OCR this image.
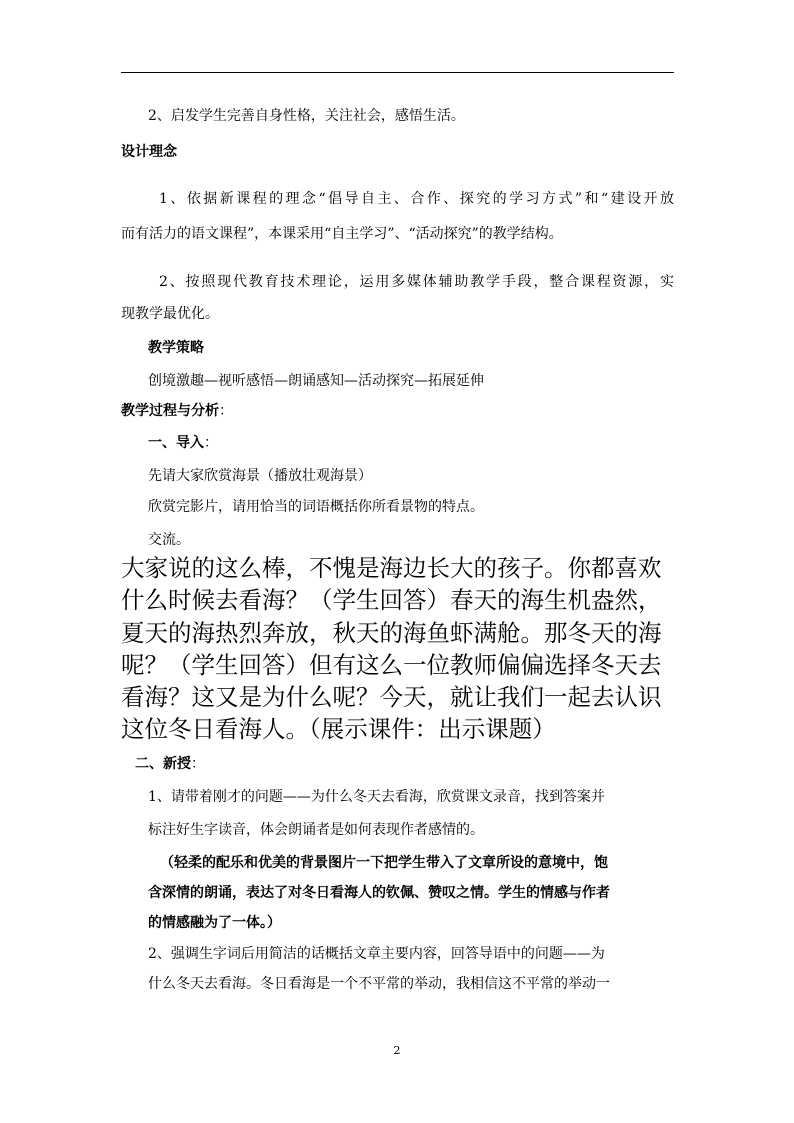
2、启发学生完善自身性格，关注社会，感悟生活。
设计理念
1、依据新课程的理念“倡导自主、合作、探究的学习方式”和“建设开放
而有活力的语文课程”，本课采用“自主学习”、“活动探究”的教学结构。
2、按照现代教育技术理论，运用多媒体辅助教学手段，整合课程资源，实
现教学最优化。
教学策略
创境激趣—视听感悟—朗诵感知—活动探究—拓展延伸
教学过程与分析：
一、导入：
先请大家欣赏海景（播放壮观海景）
欣赏完影片，请用恰当的词语概括你所看景物的特点。
交流。
大家说的这么棒，不愧是海边长大的孩子。你都喜欢
什么时候去看海？（学生回答）春天的海生机盎然，
夏天的海热烈奔放，秋天的海鱼虾满舱。那冬天的海
呢？（学生回答）但有这么一位教师偏偏选择冬天去
看海？这又是为什么呢？今天，就让我们一起去认识
这位冬日看海人。（展示课件：出示课题）
二、新授：
1、请带着刚才的问题——为什么冬天去看海，欣赏课文录音，找到答案并
标注好生字读音，体会朗诵者是如何表现作者感情的。
（轻柔的配乐和优美的背景图片一下把学生带入了文章所设的意境中，饱
含深情的朗诵，表达了对冬日看海人的钦佩、赞叹之情。学生的情感与作者
的情感融为了一体。）
2、强调生字词后用简洁的话概括文章主要内容，回答导语中的问题——为
什么冬天去看海。冬日看海是一个不平常的举动，我相信这不平常的举动一
2
